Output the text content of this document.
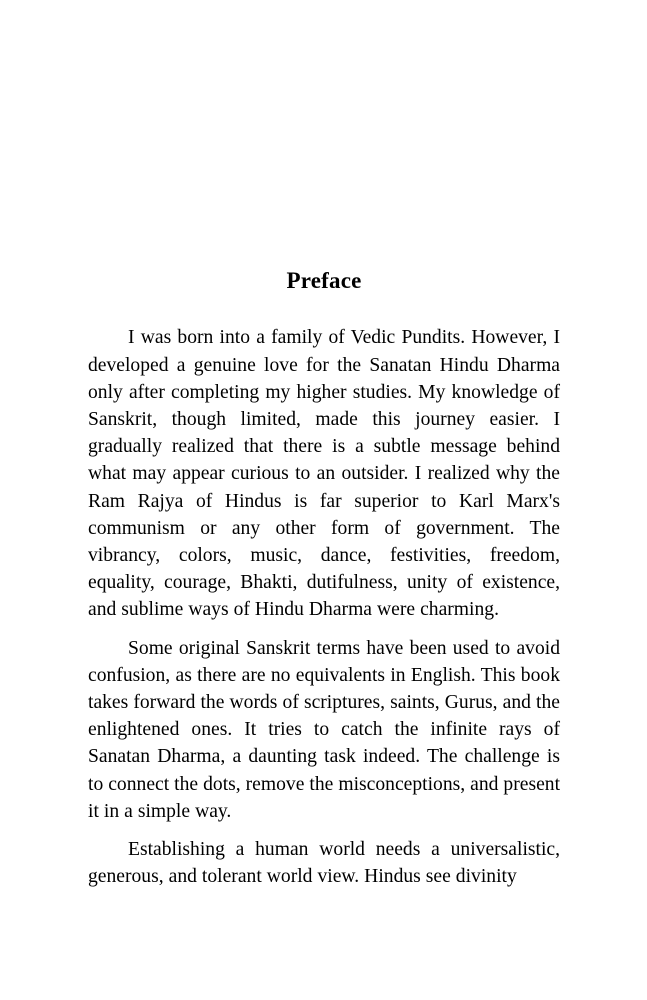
Preface

I was born into a family of Vedic Pundits. However, I developed a genuine love for the Sanatan Hindu Dharma only after completing my higher studies. My knowledge of Sanskrit, though limited, made this journey easier. I gradually realized that there is a subtle message behind what may appear curious to an outsider. I realized why the Ram Rajya of Hindus is far superior to Karl Marx's communism or any other form of government. The vibrancy, colors, music, dance, festivities, freedom, equality, courage, Bhakti, dutifulness, unity of existence, and sublime ways of Hindu Dharma were charming.

Some original Sanskrit terms have been used to avoid confusion, as there are no equivalents in English. This book takes forward the words of scriptures, saints, Gurus, and the enlightened ones. It tries to catch the infinite rays of Sanatan Dharma, a daunting task indeed. The challenge is to connect the dots, remove the misconceptions, and present it in a simple way.

Establishing a human world needs a universalistic, generous, and tolerant world view. Hindus see divinity
